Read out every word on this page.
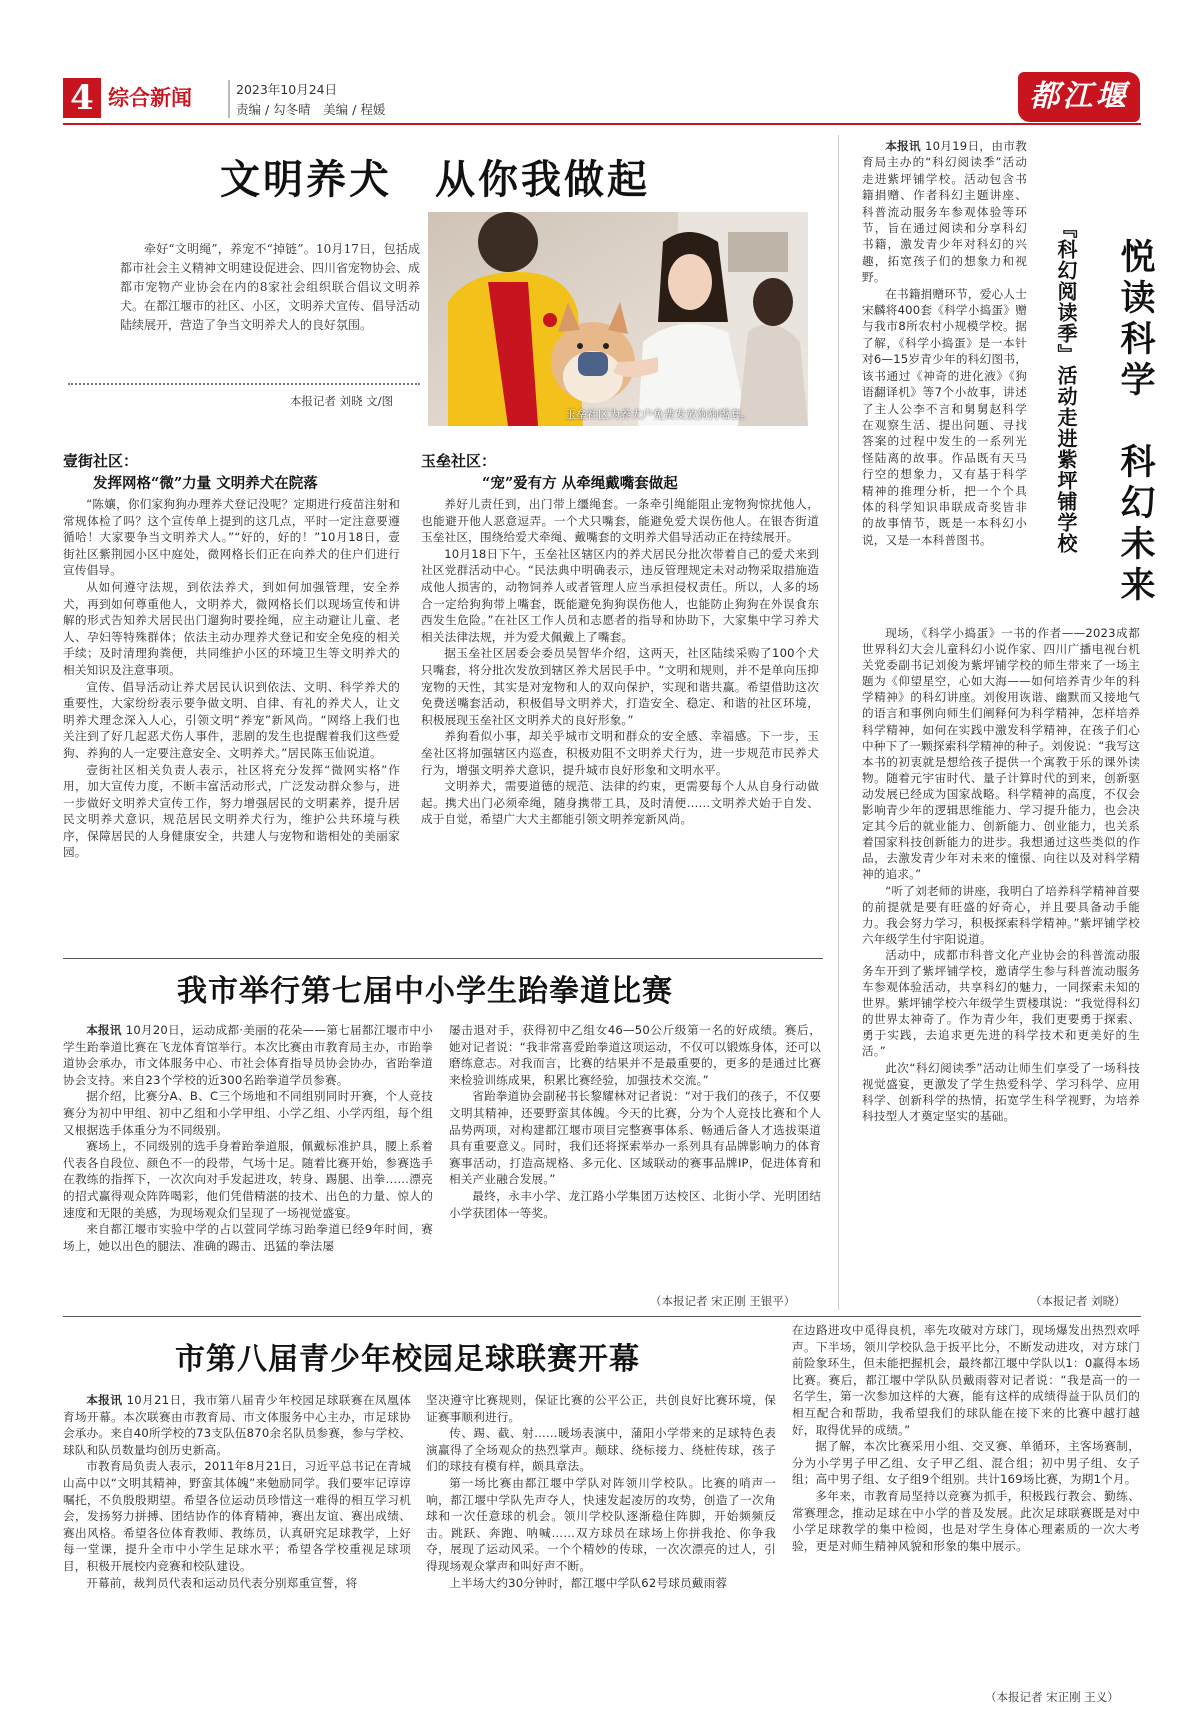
4 综合新闻	2023年10月24日
责编 / 勾冬晴　美编 / 程媛	都江堰报
文明养犬　从你我做起
牵好“文明绳”，养宠不“掉链”。10月17日，包括成都市社会主义精神文明建设促进会、四川省宠物协会、成都市宠物产业协会在内的8家社会组织联合倡议文明养犬。在都江堰市的社区、小区，文明养犬宣传、倡导活动陆续展开，营造了争当文明养犬人的良好氛围。
本报记者 刘晓 文/图
玉垒社区为养犬户免费发放狗狗嘴套。
壹街社区：
发挥网格“微”力量 文明养犬在院落

“陈孃，你们家狗狗办理养犬登记没呢？定期进行疫苗注射和常规体检了吗？这个宣传单上提到的这几点，平时一定注意要遵循哈！大家要争当文明养犬人。”“好的，好的！”10月18日，壹街社区紫荆园小区中庭处，微网格长们正在向养犬的住户们进行宣传倡导。

从如何遵守法规，到依法养犬，到如何加强管理，安全养犬，再到如何尊重他人，文明养犬，微网格长们以现场宣传和讲解的形式告知养犬居民出门遛狗时要拴绳，应主动避让儿童、老人、孕妇等特殊群体；依法主动办理养犬登记和安全免疫的相关手续；及时清理狗粪便，共同维护小区的环境卫生等文明养犬的相关知识及注意事项。

宣传、倡导活动让养犬居民认识到依法、文明、科学养犬的重要性，大家纷纷表示要争做文明、自律、有礼的养犬人，让文明养犬理念深入人心，引领文明“养宠”新风尚。“网络上我们也关注到了好几起恶犬伤人事件，悲剧的发生也提醒着我们这些爱狗、养狗的人一定要注意安全、文明养犬。”居民陈玉仙说道。

壹街社区相关负责人表示，社区将充分发挥“微网实格”作用，加大宣传力度，不断丰富活动形式，广泛发动群众参与，进一步做好文明养犬宣传工作，努力增强居民的文明素养，提升居民文明养犬意识，规范居民文明养犬行为，维护公共环境与秩序，保障居民的人身健康安全，共建人与宠物和谐相处的美丽家园。

玉垒社区：
“宠”爱有方 从牵绳戴嘴套做起

养好儿责任到，出门带上缰绳套。一条牵引绳能阻止宠物狗惊扰他人，也能避开他人恶意逗弄。一个犬只嘴套，能避免爱犬误伤他人。在银杏街道玉垒社区，围绕给爱犬牵绳、戴嘴套的文明养犬倡导活动正在持续展开。

10月18日下午，玉垒社区辖区内的养犬居民分批次带着自己的爱犬来到社区党群活动中心。“民法典中明确表示，违反管理规定未对动物采取措施造成他人损害的，动物饲养人或者管理人应当承担侵权责任。所以，人多的场合一定给狗狗带上嘴套，既能避免狗狗误伤他人，也能防止狗狗在外误食东西发生危险。”在社区工作人员和志愿者的指导和协助下，大家集中学习养犬相关法律法规，并为爱犬佩戴上了嘴套。

据玉垒社区居委会委员吴智华介绍，这两天，社区陆续采购了100个犬只嘴套，将分批次发放到辖区养犬居民手中。“文明和规则，并不是单向压抑宠物的天性，其实是对宠物和人的双向保护，实现和谐共赢。希望借助这次免费送嘴套活动，积极倡导文明养犬，打造安全、稳定、和谐的社区环境，积极展现玉垒社区文明养犬的良好形象。”

养狗看似小事，却关乎城市文明和群众的安全感、幸福感。下一步，玉垒社区将加强辖区内巡查，积极劝阻不文明养犬行为，进一步规范市民养犬行为，增强文明养犬意识，提升城市良好形象和文明水平。

文明养犬，需要道德的规范、法律的约束，更需要每个人从自身行动做起。携犬出门必须牵绳，随身携带工具，及时清便……文明养犬始于自发、成于自觉，希望广大犬主都能引领文明养宠新风尚。

悦读科学　科幻未来
『科幻阅读季』活动走进紫坪铺学校

本报讯 10月19日，由市教育局主办的“科幻阅读季”活动走进紫坪铺学校。活动包含书籍捐赠、作者科幻主题讲座、科普流动服务车参观体验等环节，旨在通过阅读和分享科幻书籍，激发青少年对科幻的兴趣，拓宽孩子们的想象力和视野。

在书籍捐赠环节，爱心人士宋麟将400套《科学小捣蛋》赠与我市8所农村小规模学校。据了解，《科学小捣蛋》是一本针对6—15岁青少年的科幻图书，该书通过《神奇的进化液》《狗语翻译机》等7个小故事，讲述了主人公李不言和舅舅赵科学在观察生活、提出问题、寻找答案的过程中发生的一系列光怪陆离的故事。作品既有天马行空的想象力，又有基于科学精神的推理分析，把一个个具体的科学知识串联成奇奖皆非的故事情节，既是一本科幻小说，又是一本科普图书。

现场，《科学小捣蛋》一书的作者——2023成都世界科幻大会儿童科幻小说作家、四川广播电视台机关党委副书记刘俊为紫坪铺学校的师生带来了一场主题为《仰望星空，心如大海——如何培养青少年的科学精神》的科幻讲座。刘俊用诙谐、幽默而又接地气的语言和事例向师生们阐释何为科学精神，怎样培养科学精神，如何在实践中激发科学精神，在孩子们心中种下了一颗探索科学精神的种子。刘俊说：“我写这本书的初衷就是想给孩子提供一个寓教于乐的课外读物。随着元宇宙时代、量子计算时代的到来，创新驱动发展已经成为国家战略。科学精神的高度，不仅会影响青少年的逻辑思维能力、学习提升能力，也会决定其今后的就业能力、创新能力、创业能力，也关系着国家科技创新能力的进步。我想通过这些类似的作品，去激发青少年对未来的憧憬、向往以及对科学精神的追求。”

“听了刘老师的讲座，我明白了培养科学精神首要的前提就是要有旺盛的好奇心，并且要具备动手能力。我会努力学习，积极探索科学精神。”紫坪铺学校六年级学生付宇阳说道。

活动中，成都市科普文化产业协会的科普流动服务车开到了紫坪铺学校，邀请学生参与科普流动服务车参观体验活动，共享科幻的魅力，一同探索未知的世界。紫坪铺学校六年级学生贾楼琪说：“我觉得科幻的世界太神奇了。作为青少年，我们更要勇于探索、勇于实践，去追求更先进的科学技术和更美好的生活。”

此次“科幻阅读季”活动让师生们享受了一场科技视觉盛宴，更激发了学生热爱科学、学习科学、应用科学、创新科学的热情，拓宽学生科学视野，为培养科技型人才奠定坚实的基础。

（本报记者 刘晓）
我市举行第七届中小学生跆拳道比赛

本报讯 10月20日，运动成都·美丽的花朵——第七届都江堰市中小学生跆拳道比赛在飞龙体育馆举行。本次比赛由市教育局主办，市跆拳道协会承办，市文体服务中心、市社会体育指导员协会协办，省跆拳道协会支持。来自23个学校的近300名跆拳道学员参赛。

据介绍，比赛分A、B、C三个场地和不同组别同时开赛，个人竞技赛分为初中甲组、初中乙组和小学甲组、小学乙组、小学丙组，每个组又根据选手体重分为不同级别。

赛场上，不同级别的选手身着跆拳道服，佩戴标准护具，腰上系着代表各自段位、颜色不一的段带，气场十足。随着比赛开始，参赛选手在教练的指挥下，一次次向对手发起进攻，转身、踢腿、出拳……漂亮的招式赢得观众阵阵喝彩，他们凭借精湛的技术、出色的力量、惊人的速度和无限的美感，为现场观众们呈现了一场视觉盛宴。

来自都江堰市实验中学的占以萱同学练习跆拳道已经9年时间，赛场上，她以出色的腿法、准确的踢击、迅猛的拳法屡

屡击退对手，获得初中乙组女46—50公斤级第一名的好成绩。赛后，她对记者说：“我非常喜爱跆拳道这项运动，不仅可以锻炼身体，还可以磨练意志。对我而言，比赛的结果并不是最重要的，更多的是通过比赛来检验训练成果，积累比赛经验，加强技术交流。”

省跆拳道协会副秘书长黎耀林对记者说：“对于我们的孩子，不仅要文明其精神，还要野蛮其体魄。今天的比赛，分为个人竞技比赛和个人品势两项，对构建都江堰市项目完整赛事体系、畅通后备人才选拔渠道具有重要意义。同时，我们还将探索举办一系列具有品牌影响力的体育赛事活动，打造高规格、多元化、区域联动的赛事品牌IP，促进体育和相关产业融合发展。”

最终，永丰小学、龙江路小学集团万达校区、北街小学、光明团结小学获团体一等奖。

（本报记者 宋正刚 王银平）
市第八届青少年校园足球联赛开幕

本报讯 10月21日，我市第八届青少年校园足球联赛在凤凰体育场开幕。本次联赛由市教育局、市文体服务中心主办，市足球协会承办。来自40所学校的73支队伍870余名队员参赛，参与学校、球队和队员数量均创历史新高。

市教育局负责人表示，2011年8月21日，习近平总书记在青城山高中以“文明其精神，野蛮其体魄”来勉励同学。我们要牢记谆谆嘱托，不负殷殷期望。希望各位运动员珍惜这一难得的相互学习机会，发扬努力拼搏、团结协作的体育精神，赛出友谊、赛出成绩、赛出风格。希望各位体育教师、教练员，认真研究足球教学，上好每一堂课，提升全市中小学生足球水平；希望各学校重视足球项目，积极开展校内竞赛和校队建设。

开幕前，裁判员代表和运动员代表分别郑重宣誓，将

坚决遵守比赛规则，保证比赛的公平公正，共创良好比赛环境，保证赛事顺利进行。

传、踢、截、射……暖场表演中，蒲阳小学带来的足球特色表演赢得了全场观众的热烈掌声。颠球、绕标接力、绕桩传球，孩子们的球技有模有样，颇具章法。

第一场比赛由都江堰中学队对阵领川学校队。比赛的哨声一响，都江堰中学队先声夺人，快速发起凌厉的攻势，创造了一次角球和一次任意球的机会。领川学校队逐渐稳住阵脚，开始频频反击。跳跃、奔跑、呐喊……双方球员在球场上你拼我抢、你争我夺，展现了运动风采。一个个精妙的传球，一次次漂亮的过人，引得现场观众掌声和叫好声不断。

上半场大约30分钟时，都江堰中学队62号球员戴雨蓉

在边路进攻中觅得良机，率先攻破对方球门，现场爆发出热烈欢呼声。下半场，领川学校队急于扳平比分，不断发动进攻，对方球门前险象环生，但未能把握机会，最终都江堰中学队以1：0赢得本场比赛。赛后，都江堰中学队队员戴雨蓉对记者说：“我是高一的一名学生，第一次参加这样的大赛，能有这样的成绩得益于队员们的相互配合和帮助，我希望我们的球队能在接下来的比赛中越打越好，取得优异的成绩。”

据了解，本次比赛采用小组、交叉赛、单循环，主客场赛制，分为小学男子甲乙组、女子甲乙组、混合组；初中男子组、女子组；高中男子组、女子组9个组别。共计169场比赛，为期1个月。

多年来，市教育局坚持以竞赛为抓手，积极践行教会、勤练、常赛理念，推动足球在中小学的普及发展。此次足球联赛既是对中小学足球教学的集中检阅，也是对学生身体心理素质的一次大考验，更是对师生精神风貌和形象的集中展示。

（本报记者 宋正刚 王义）
